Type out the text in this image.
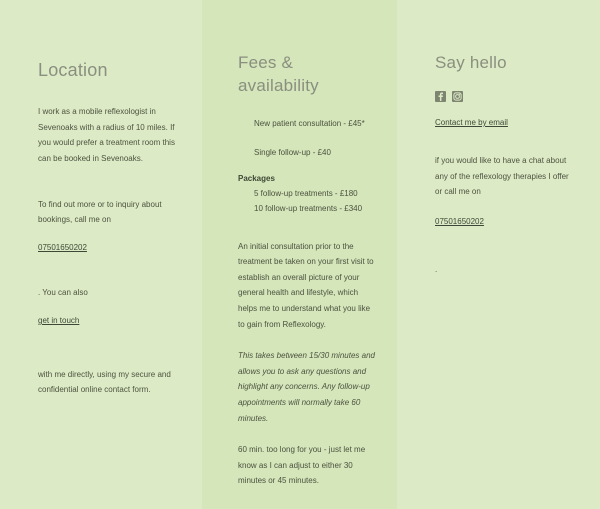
Location

I work as a mobile reflexologist in Sevenoaks with a radius of 10 miles. If you would prefer a treatment room this can be booked in Sevenoaks.

To find out more or to inquiry about bookings, call me on

07501650202

. You can also

get in touch

with me directly, using my secure and confidential online contact form.

Fees & availability

New patient consultation - £45*

Single follow-up - £40

Packages

5 follow-up treatments - £180

10 follow-up treatments - £340

An initial consultation prior to the treatment be taken on your first visit to establish an overall picture of your general health and lifestyle, which helps me to understand what you like to gain from Reflexology.

This takes between 15/30 minutes and allows you to ask any questions and highlight any concerns. Any follow-up appointments will normally take 60 minutes.

60 min. too long for you - just let me know as I can adjust to either 30 minutes or 45 minutes.

Say hello
Contact me by email

if you would like to have a chat about any of the reflexology therapies I offer or call me on

07501650202

.
